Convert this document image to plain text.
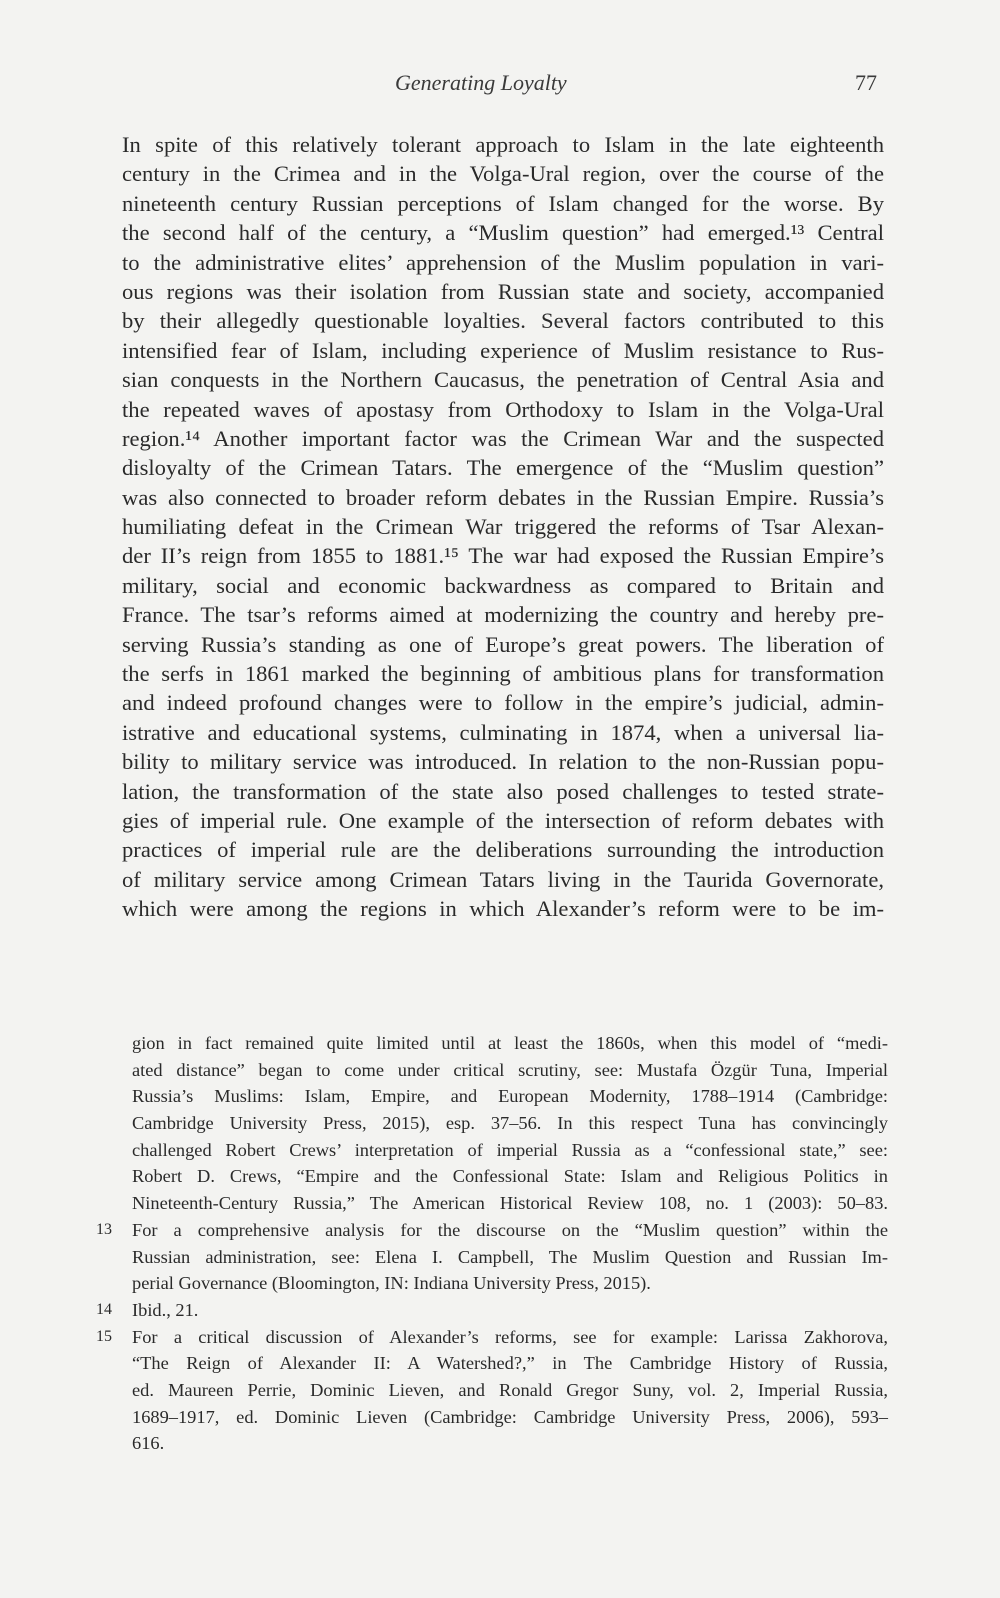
Generating Loyalty	77
In spite of this relatively tolerant approach to Islam in the late eighteenth
century in the Crimea and in the Volga-Ural region, over the course of the
nineteenth century Russian perceptions of Islam changed for the worse. By
the second half of the century, a “Muslim question” had emerged.¹³ Central
to the administrative elites’ apprehension of the Muslim population in vari-
ous regions was their isolation from Russian state and society, accompanied
by their allegedly questionable loyalties. Several factors contributed to this
intensified fear of Islam, including experience of Muslim resistance to Rus-
sian conquests in the Northern Caucasus, the penetration of Central Asia and
the repeated waves of apostasy from Orthodoxy to Islam in the Volga-Ural
region.¹⁴ Another important factor was the Crimean War and the suspected
disloyalty of the Crimean Tatars. The emergence of the “Muslim question”
was also connected to broader reform debates in the Russian Empire. Russia’s
humiliating defeat in the Crimean War triggered the reforms of Tsar Alexan-
der II’s reign from 1855 to 1881.¹⁵ The war had exposed the Russian Empire’s
military, social and economic backwardness as compared to Britain and
France. The tsar’s reforms aimed at modernizing the country and hereby pre-
serving Russia’s standing as one of Europe’s great powers. The liberation of
the serfs in 1861 marked the beginning of ambitious plans for transformation
and indeed profound changes were to follow in the empire’s judicial, admin-
istrative and educational systems, culminating in 1874, when a universal lia-
bility to military service was introduced. In relation to the non-Russian popu-
lation, the transformation of the state also posed challenges to tested strate-
gies of imperial rule. One example of the intersection of reform debates with
practices of imperial rule are the deliberations surrounding the introduction
of military service among Crimean Tatars living in the Taurida Governorate,
which were among the regions in which Alexander’s reform were to be im-
gion in fact remained quite limited until at least the 1860s, when this model of “medi-
ated distance” began to come under critical scrutiny, see: Mustafa Özgür Tuna, Imperial
Russia’s Muslims: Islam, Empire, and European Modernity, 1788–1914 (Cambridge:
Cambridge University Press, 2015), esp. 37–56. In this respect Tuna has convincingly
challenged Robert Crews’ interpretation of imperial Russia as a “confessional state,” see:
Robert D. Crews, “Empire and the Confessional State: Islam and Religious Politics in
Nineteenth-Century Russia,” The American Historical Review 108, no. 1 (2003): 50–83.
13	For a comprehensive analysis for the discourse on the “Muslim question” within the
Russian administration, see: Elena I. Campbell, The Muslim Question and Russian Im-
perial Governance (Bloomington, IN: Indiana University Press, 2015).
14	Ibid., 21.
15	For a critical discussion of Alexander’s reforms, see for example: Larissa Zakhorova,
“The Reign of Alexander II: A Watershed?,” in The Cambridge History of Russia,
ed. Maureen Perrie, Dominic Lieven, and Ronald Gregor Suny, vol. 2, Imperial Russia,
1689–1917, ed. Dominic Lieven (Cambridge: Cambridge University Press, 2006), 593–
616.
